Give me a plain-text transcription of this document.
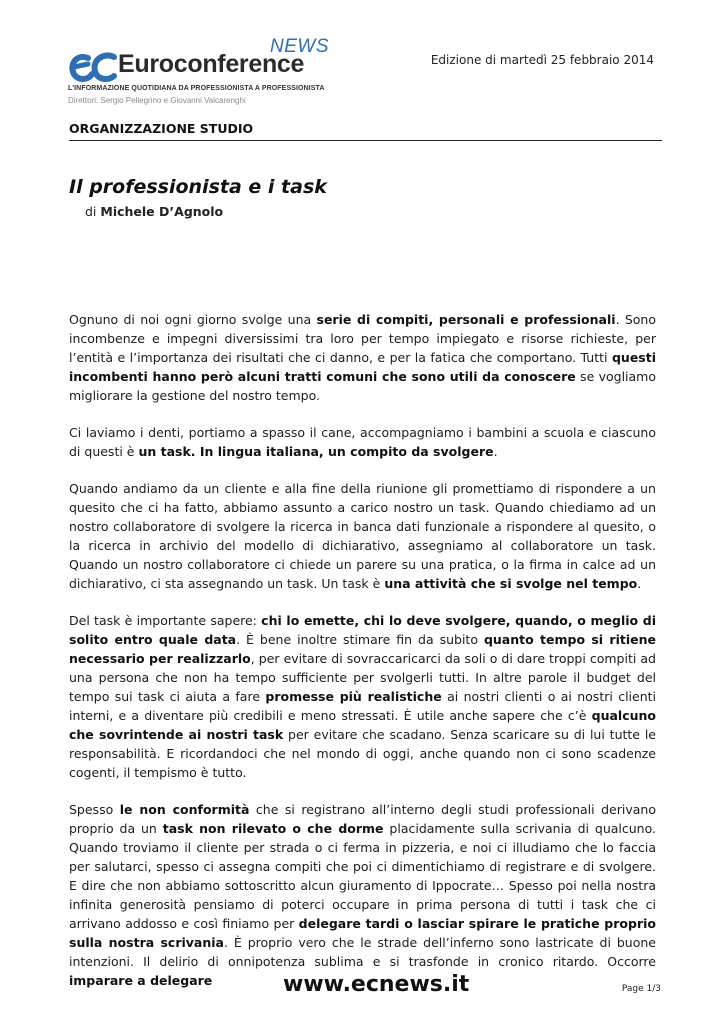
NEWS
Euroconference
L'INFORMAZIONE QUOTIDIANA DA PROFESSIONISTA A PROFESSIONISTA
Direttori: Sergio Pellegrino e Giovanni Valcarenghi
Edizione di martedì 25 febbraio 2014
ORGANIZZAZIONE STUDIO
Il professionista e i task
di Michele D’Agnolo

Ognuno di noi ogni giorno svolge una serie di compiti, personali e professionali. Sono incombenze e impegni diversissimi tra loro per tempo impiegato e risorse richieste, per l’entità e l’importanza dei risultati che ci danno, e per la fatica che comportano. Tutti questi incombenti hanno però alcuni tratti comuni che sono utili da conoscere se vogliamo migliorare la gestione del nostro tempo.

Ci laviamo i denti, portiamo a spasso il cane, accompagniamo i bambini a scuola e ciascuno di questi è un task. In lingua italiana, un compito da svolgere.

Quando andiamo da un cliente e alla fine della riunione gli promettiamo di rispondere a un quesito che ci ha fatto, abbiamo assunto a carico nostro un task. Quando chiediamo ad un nostro collaboratore di svolgere la ricerca in banca dati funzionale a rispondere al quesito, o la ricerca in archivio del modello di dichiarativo, assegniamo al collaboratore un task. Quando un nostro collaboratore ci chiede un parere su una pratica, o la firma in calce ad un dichiarativo, ci sta assegnando un task. Un task è una attività che si svolge nel tempo.

Del task è importante sapere: chi lo emette, chi lo deve svolgere, quando, o meglio di solito entro quale data. È bene inoltre stimare fin da subito quanto tempo si ritiene necessario per realizzarlo, per evitare di sovraccaricarci da soli o di dare troppi compiti ad una persona che non ha tempo sufficiente per svolgerli tutti. In altre parole il budget del tempo sui task ci aiuta a fare promesse più realistiche ai nostri clienti o ai nostri clienti interni, e a diventare più credibili e meno stressati. È utile anche sapere che c’è qualcuno che sovrintende ai nostri task per evitare che scadano. Senza scaricare su di lui tutte le responsabilità. E ricordandoci che nel mondo di oggi, anche quando non ci sono scadenze cogenti, il tempismo è tutto.

Spesso le non conformità che si registrano all’interno degli studi professionali derivano proprio da un task non rilevato o che dorme placidamente sulla scrivania di qualcuno. Quando troviamo il cliente per strada o ci ferma in pizzeria, e noi ci illudiamo che lo faccia per salutarci, spesso ci assegna compiti che poi ci dimentichiamo di registrare e di svolgere. E dire che non abbiamo sottoscritto alcun giuramento di Ippocrate… Spesso poi nella nostra infinita generosità pensiamo di poterci occupare in prima persona di tutti i task che ci arrivano addosso e così finiamo per delegare tardi o lasciar spirare le pratiche proprio sulla nostra scrivania. È proprio vero che le strade dell’inferno sono lastricate di buone intenzioni. Il delirio di onnipotenza sublima e si trasfonde in cronico ritardo. Occorre imparare a delegare	www.ecnews.it	Page 1/3
